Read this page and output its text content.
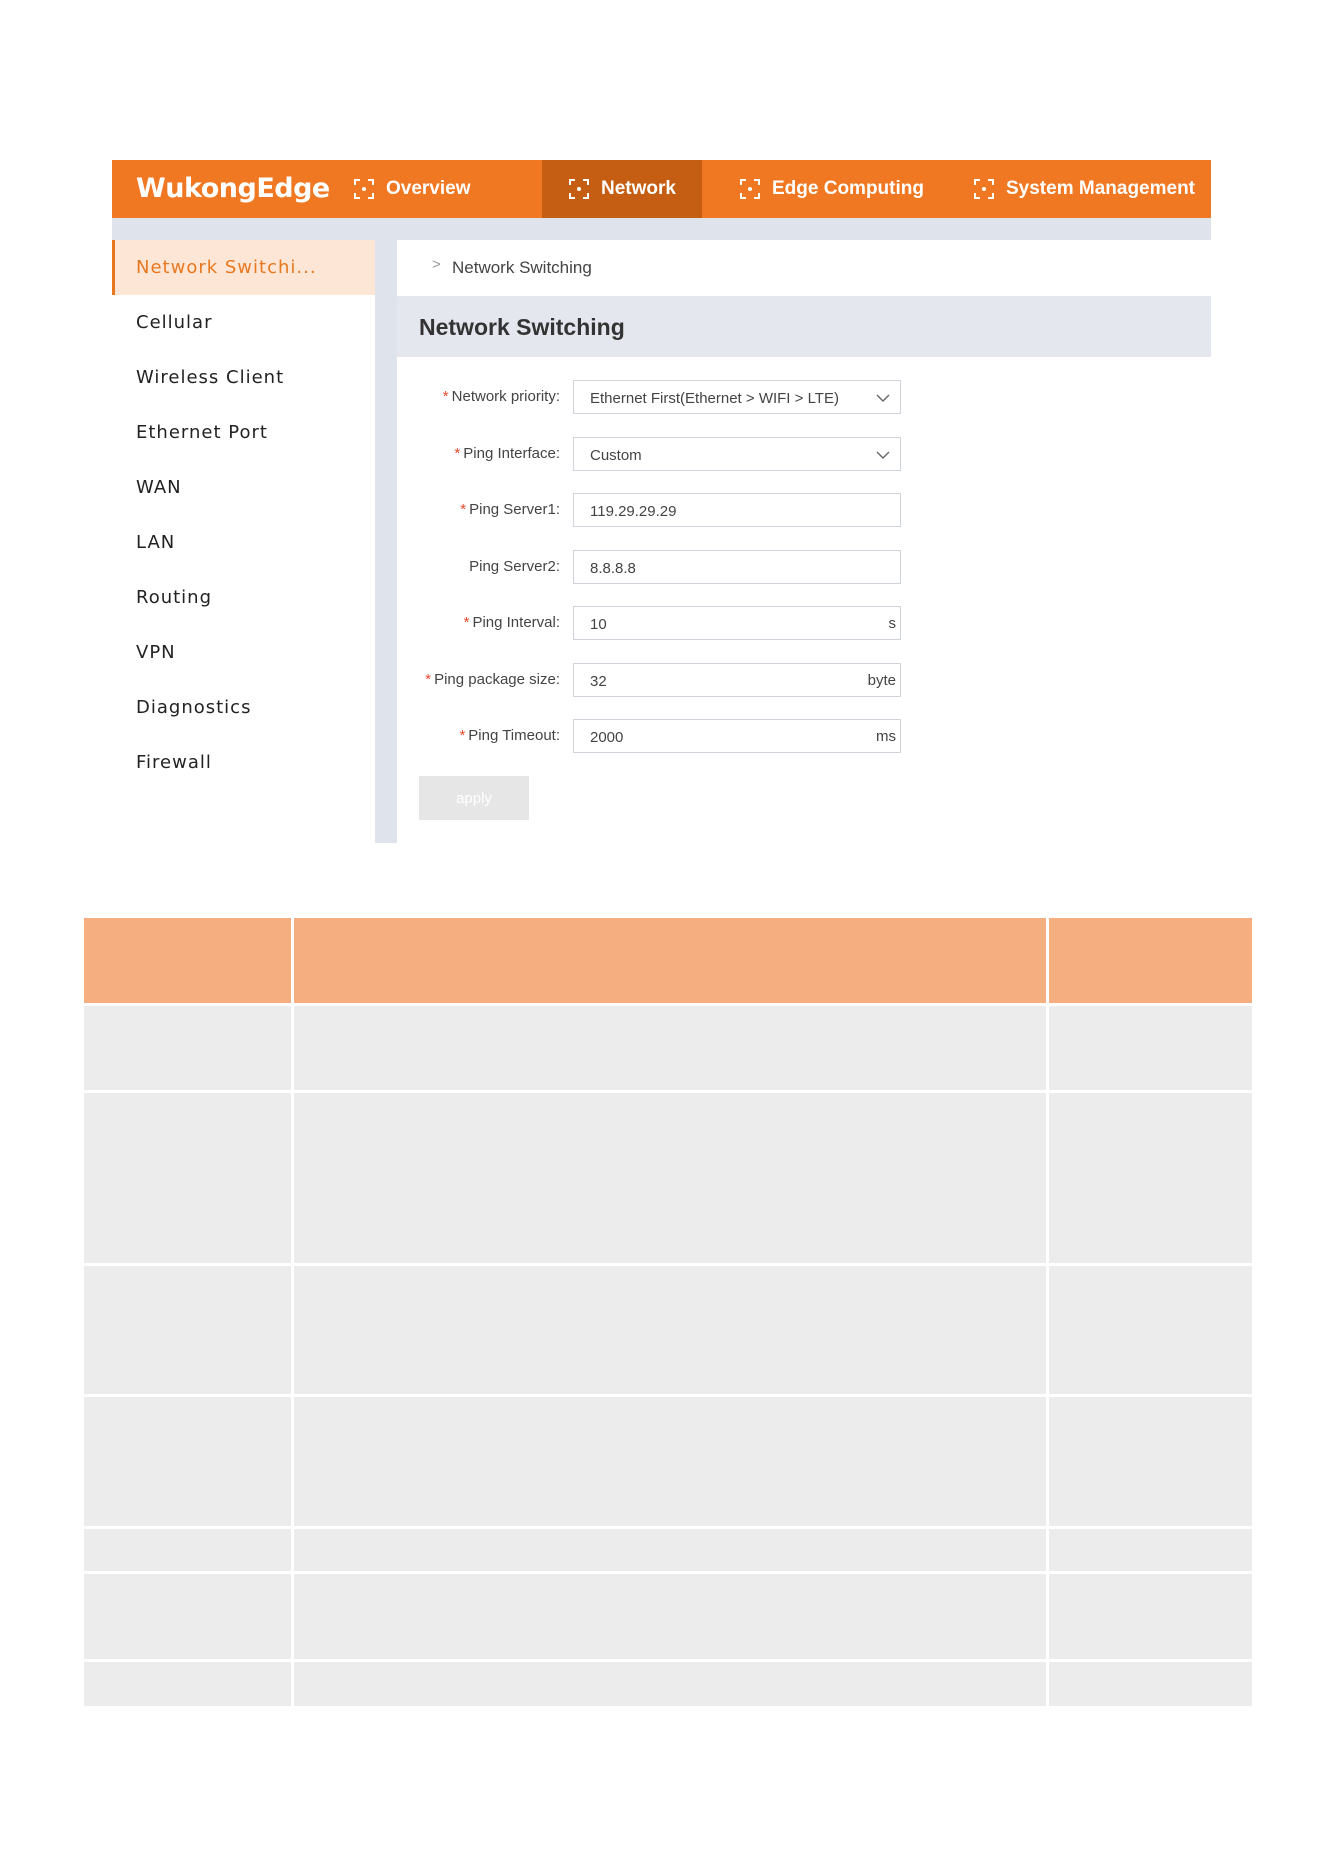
WukongEdge	Overview	Network	Edge Computing	System Management
Network Switchi...
Cellular
Wireless Client
Ethernet Port
WAN
LAN
Routing
VPN
Diagnostics
Firewall
> Network Switching
Network Switching
* Network priority: Ethernet First(Ethernet > WIFI > LTE)
* Ping Interface: Custom
* Ping Server1: 119.29.29.29
Ping Server2: 8.8.8.8
* Ping Interval: 10	s
* Ping package size: 32	byte
* Ping Timeout: 2000	ms
apply
